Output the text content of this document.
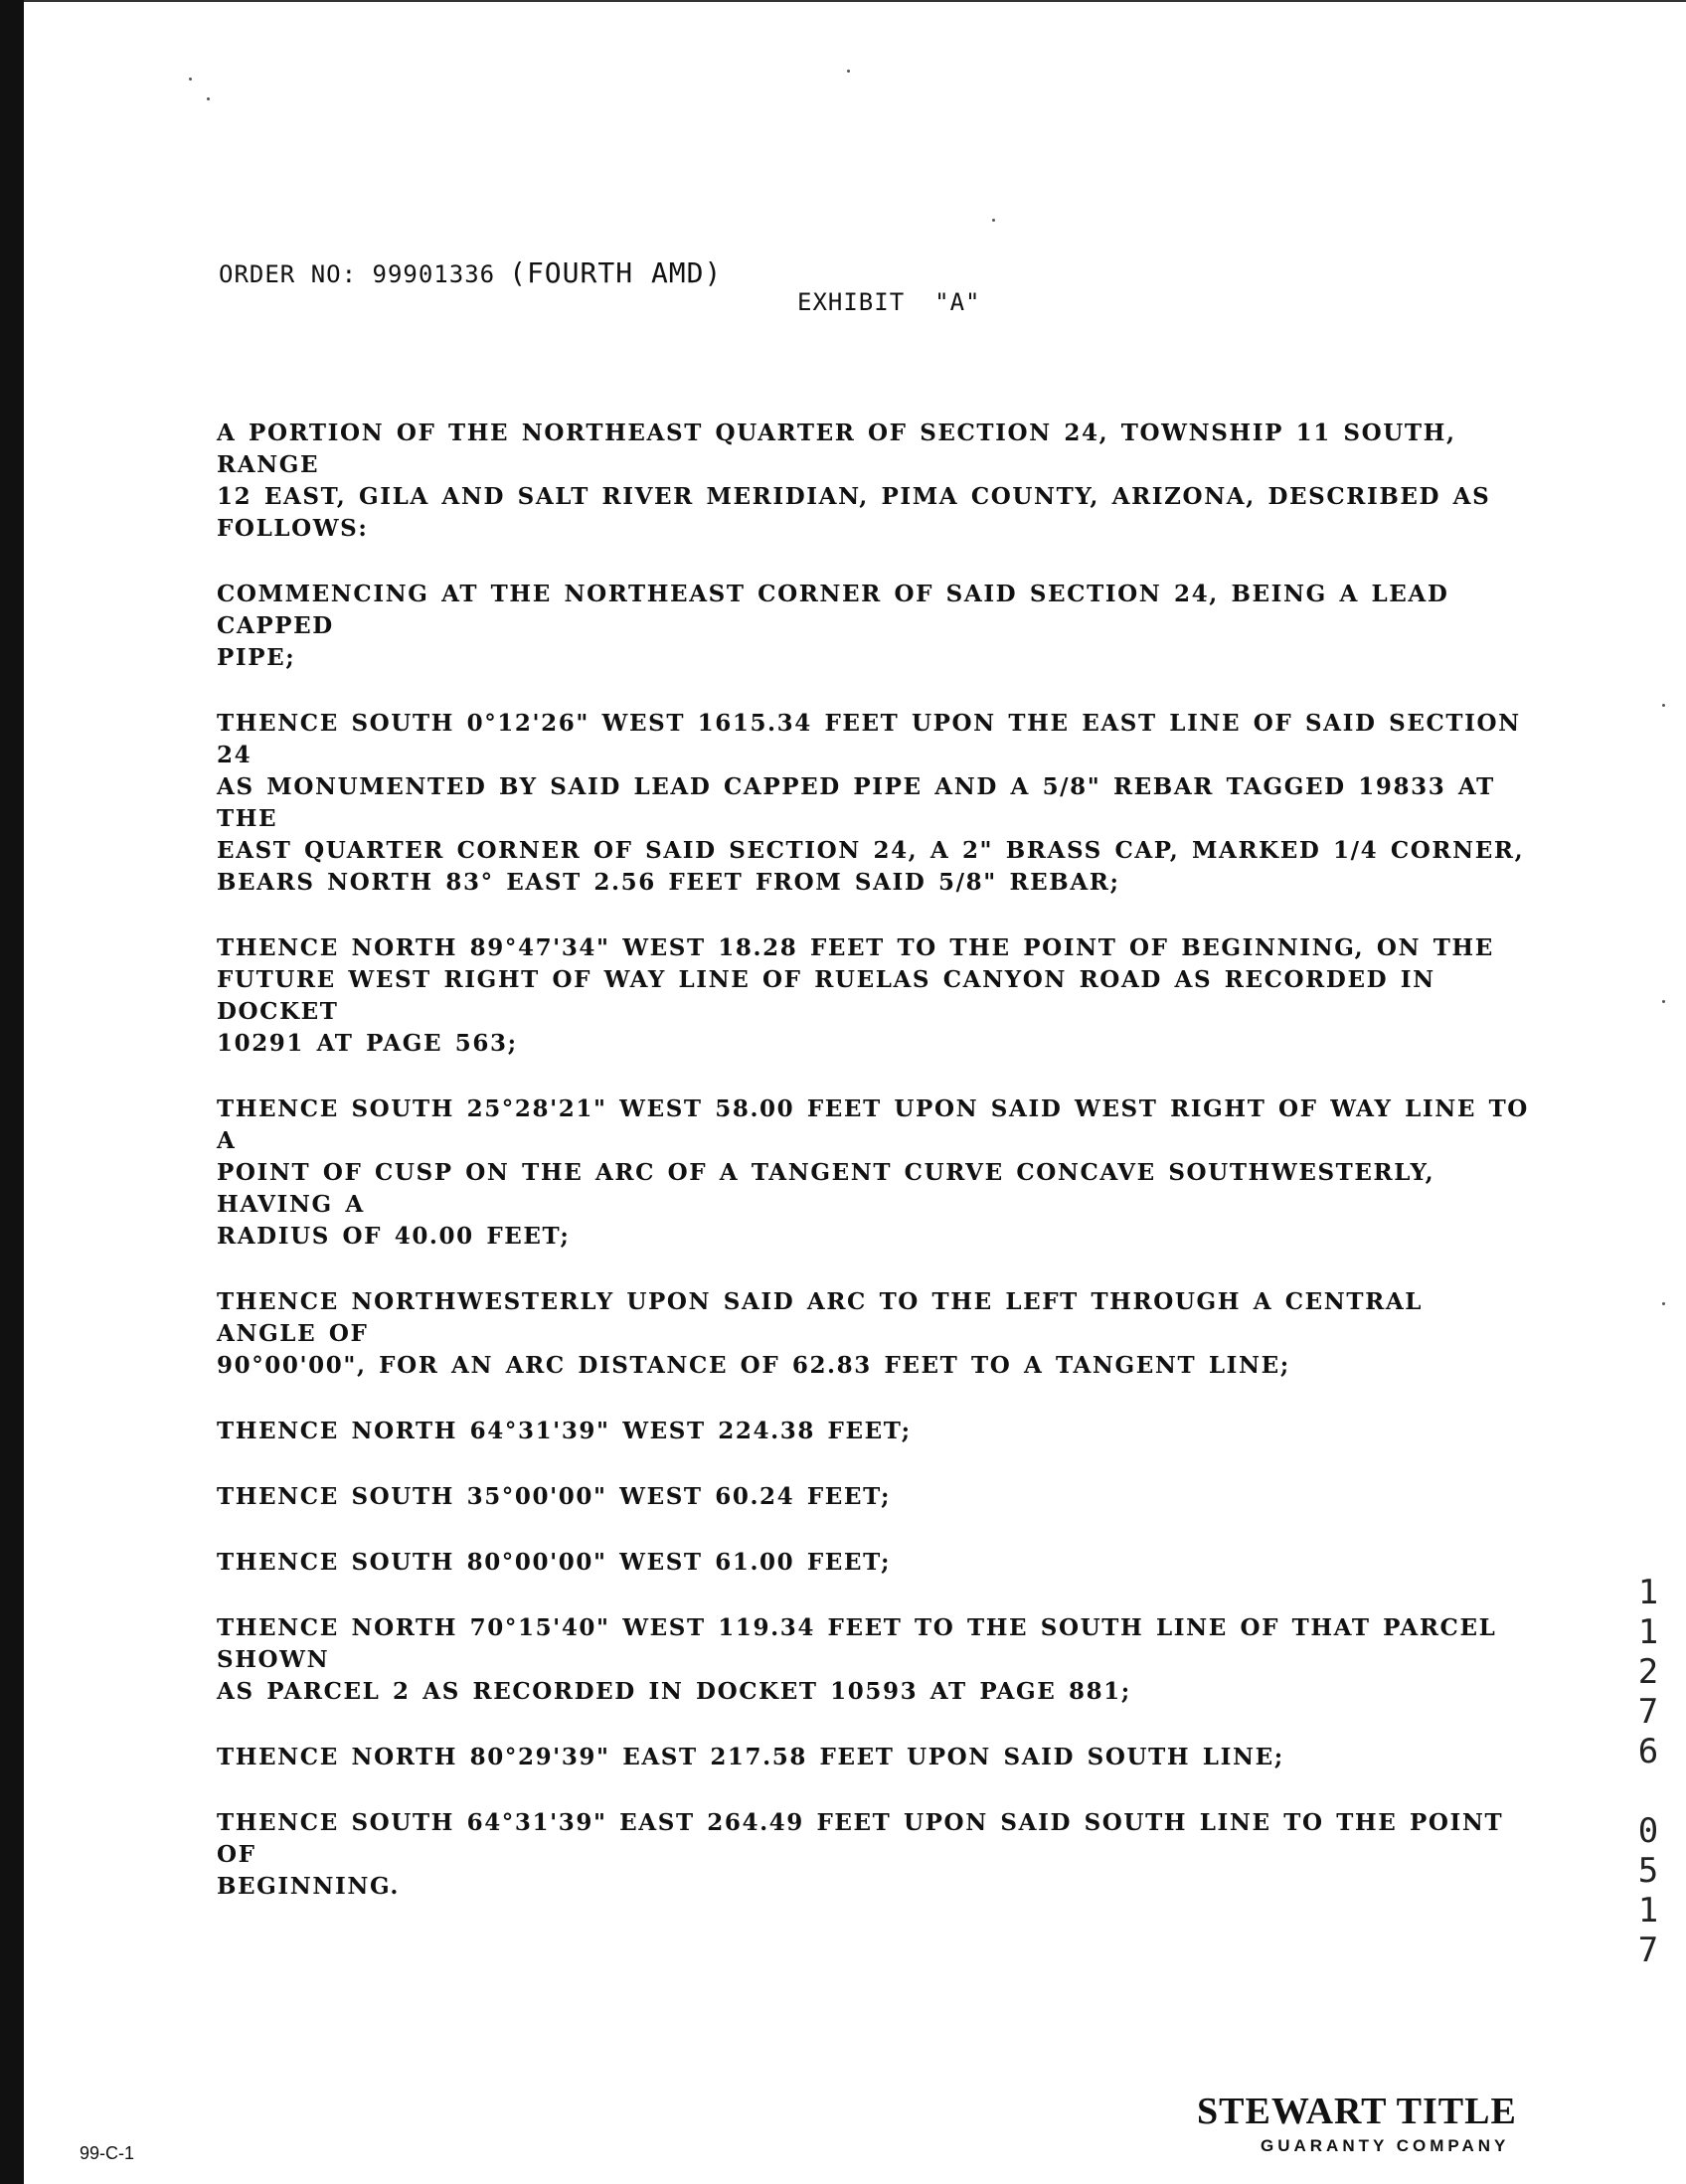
ORDER NO: 99901336 (FOURTH AMD)
EXHIBIT "A"

A PORTION OF THE NORTHEAST QUARTER OF SECTION 24, TOWNSHIP 11 SOUTH, RANGE
12 EAST, GILA AND SALT RIVER MERIDIAN, PIMA COUNTY, ARIZONA, DESCRIBED AS
FOLLOWS:

COMMENCING AT THE NORTHEAST CORNER OF SAID SECTION 24, BEING A LEAD CAPPED
PIPE;

THENCE SOUTH 0°12'26" WEST 1615.34 FEET UPON THE EAST LINE OF SAID SECTION 24
AS MONUMENTED BY SAID LEAD CAPPED PIPE AND A 5/8" REBAR TAGGED 19833 AT THE
EAST QUARTER CORNER OF SAID SECTION 24, A 2" BRASS CAP, MARKED 1/4 CORNER,
BEARS NORTH 83° EAST 2.56 FEET FROM SAID 5/8" REBAR;

THENCE NORTH 89°47'34" WEST 18.28 FEET TO THE POINT OF BEGINNING, ON THE
FUTURE WEST RIGHT OF WAY LINE OF RUELAS CANYON ROAD AS RECORDED IN DOCKET
10291 AT PAGE 563;

THENCE SOUTH 25°28'21" WEST 58.00 FEET UPON SAID WEST RIGHT OF WAY LINE TO A
POINT OF CUSP ON THE ARC OF A TANGENT CURVE CONCAVE SOUTHWESTERLY, HAVING A
RADIUS OF 40.00 FEET;

THENCE NORTHWESTERLY UPON SAID ARC TO THE LEFT THROUGH A CENTRAL ANGLE OF
90°00'00", FOR AN ARC DISTANCE OF 62.83 FEET TO A TANGENT LINE;

THENCE NORTH 64°31'39" WEST 224.38 FEET;

THENCE SOUTH 35°00'00" WEST 60.24 FEET;

THENCE SOUTH 80°00'00" WEST 61.00 FEET;

THENCE NORTH 70°15'40" WEST 119.34 FEET TO THE SOUTH LINE OF THAT PARCEL SHOWN
AS PARCEL 2 AS RECORDED IN DOCKET 10593 AT PAGE 881;

THENCE NORTH 80°29'39" EAST 217.58 FEET UPON SAID SOUTH LINE;

THENCE SOUTH 64°31'39" EAST 264.49 FEET UPON SAID SOUTH LINE TO THE POINT OF
BEGINNING.

1
1
2
7
6
0
5
1
7
99-C-1
STEWART TITLE
GUARANTY COMPANY
